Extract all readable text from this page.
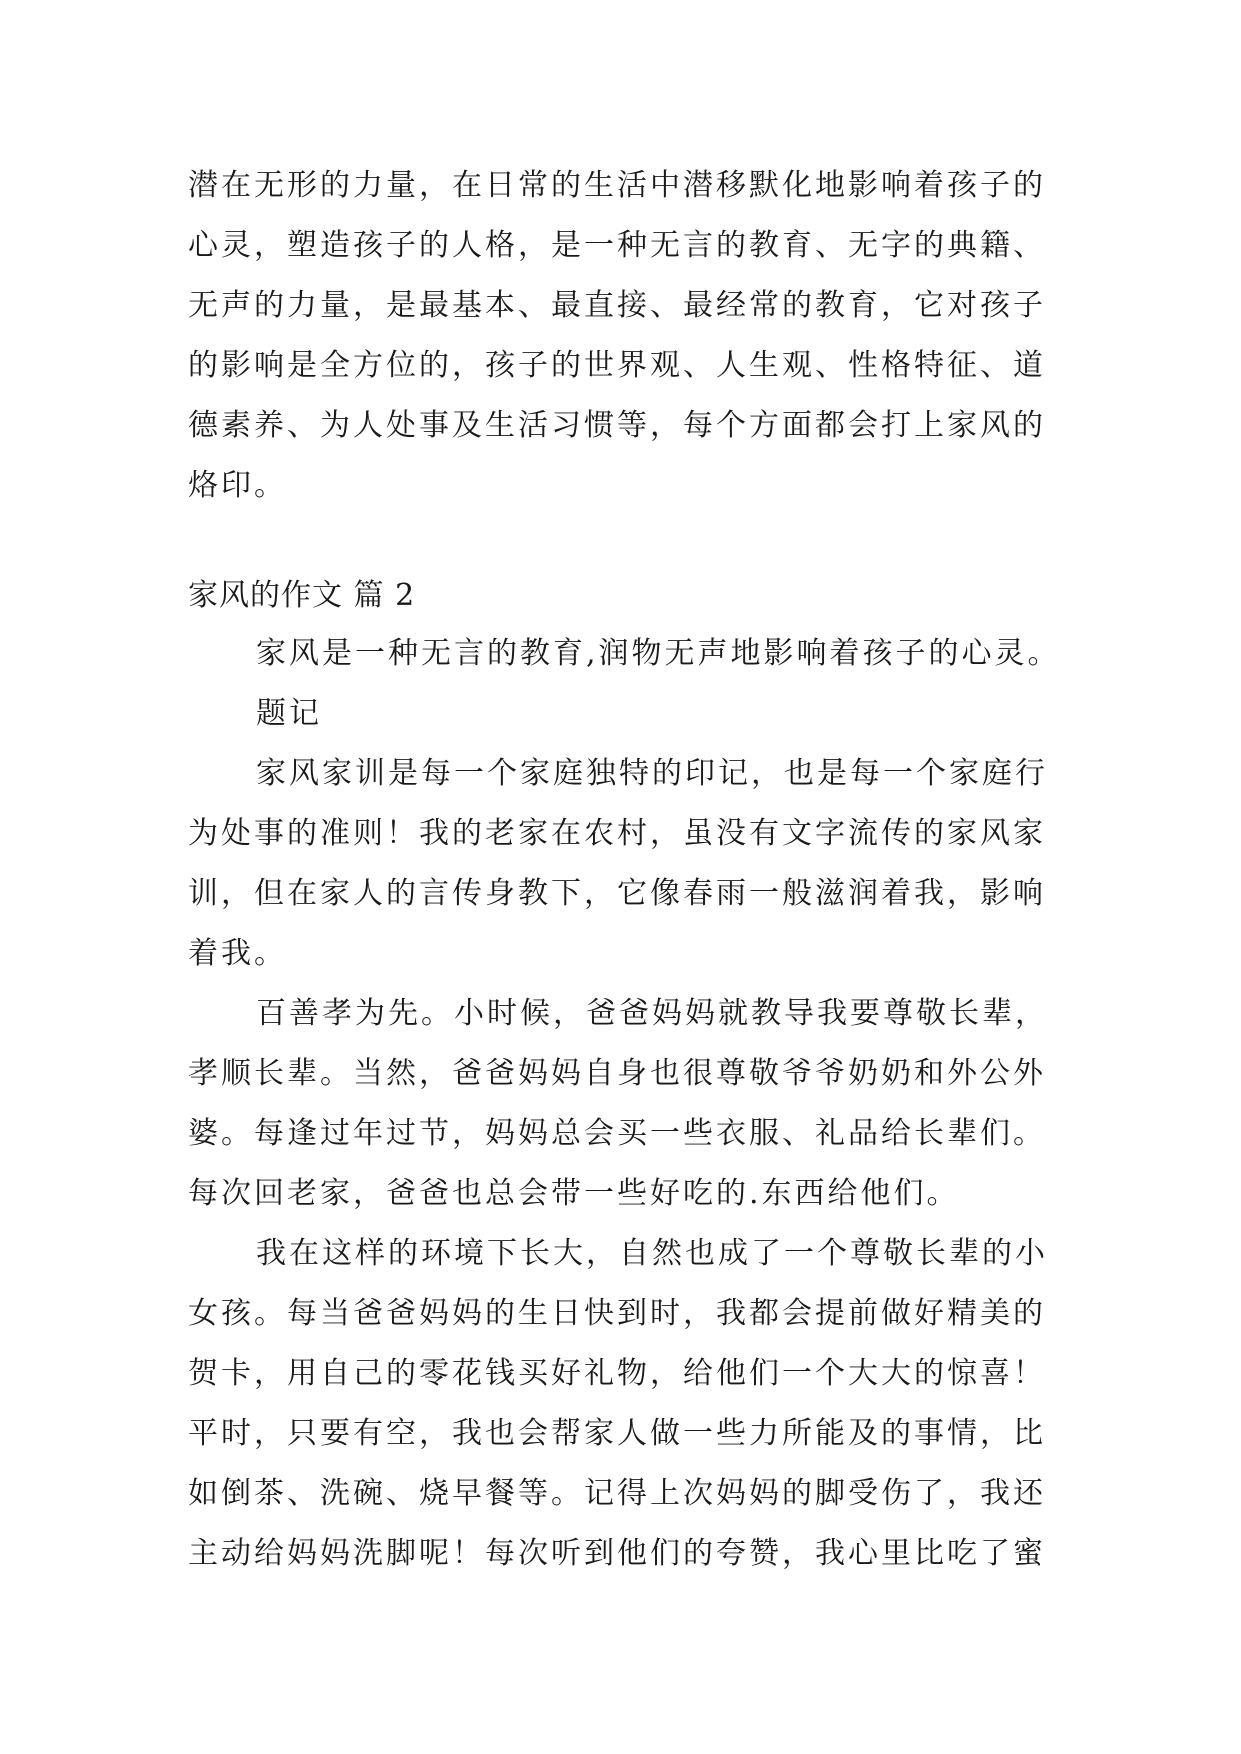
潜在无形的力量，在日常的生活中潜移默化地影响着孩子的
心灵，塑造孩子的人格，是一种无言的教育、无字的典籍、
无声的力量，是最基本、最直接、最经常的教育，它对孩子
的影响是全方位的，孩子的世界观、人生观、性格特征、道
德素养、为人处事及生活习惯等，每个方面都会打上家风的
烙印。
家风的作文 篇 2
家风是一种无言的教育,润物无声地影响着孩子的心灵。
题记
家风家训是每一个家庭独特的印记，也是每一个家庭行
为处事的准则！我的老家在农村，虽没有文字流传的家风家
训，但在家人的言传身教下，它像春雨一般滋润着我，影响
着我。
百善孝为先。小时候，爸爸妈妈就教导我要尊敬长辈，
孝顺长辈。当然，爸爸妈妈自身也很尊敬爷爷奶奶和外公外
婆。每逢过年过节，妈妈总会买一些衣服、礼品给长辈们。
每次回老家，爸爸也总会带一些好吃的.东西给他们。
我在这样的环境下长大，自然也成了一个尊敬长辈的小
女孩。每当爸爸妈妈的生日快到时，我都会提前做好精美的
贺卡，用自己的零花钱买好礼物，给他们一个大大的惊喜！
平时，只要有空，我也会帮家人做一些力所能及的事情，比
如倒茶、洗碗、烧早餐等。记得上次妈妈的脚受伤了，我还
主动给妈妈洗脚呢！每次听到他们的夸赞，我心里比吃了蜜
